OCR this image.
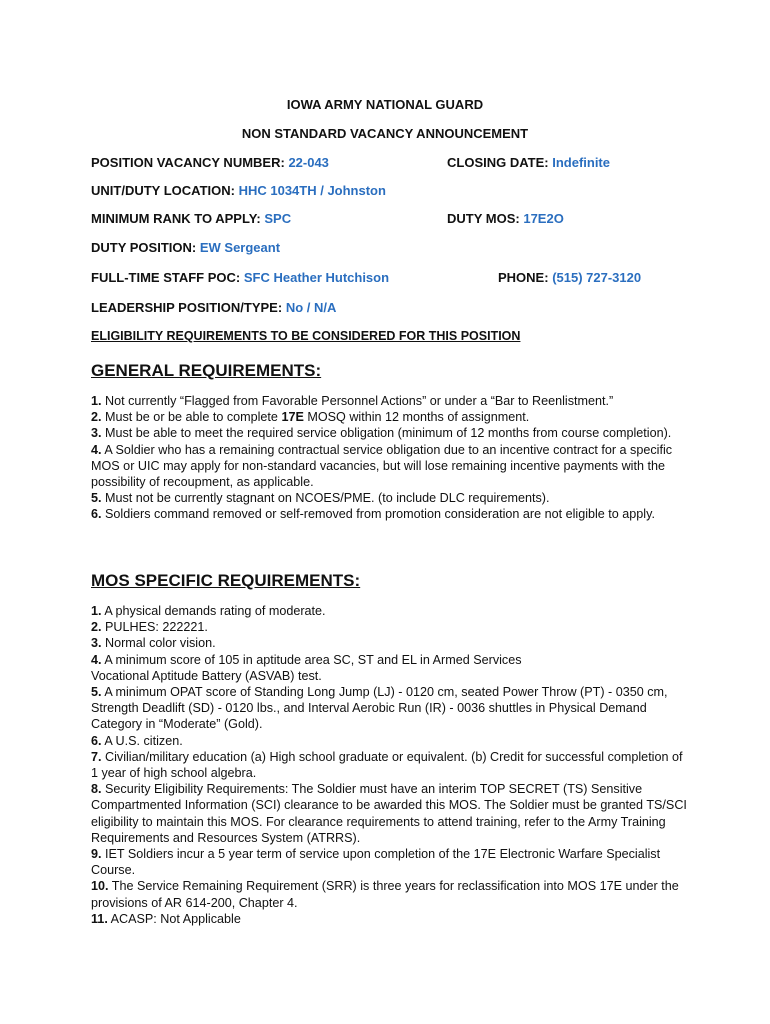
IOWA ARMY NATIONAL GUARD
NON STANDARD VACANCY ANNOUNCEMENT
POSITION VACANCY NUMBER: 22-043	CLOSING DATE: Indefinite
UNIT/DUTY LOCATION: HHC 1034TH / Johnston
MINIMUM RANK TO APPLY: SPC	DUTY MOS: 17E2O
DUTY POSITION: EW Sergeant
FULL-TIME STAFF POC: SFC Heather Hutchison	PHONE: (515) 727-3120
LEADERSHIP POSITION/TYPE: No / N/A
ELIGIBILITY REQUIREMENTS TO BE CONSIDERED FOR THIS POSITION
GENERAL REQUIREMENTS:

1. Not currently “Flagged from Favorable Personnel Actions” or under a “Bar to Reenlistment.”

2. Must be or be able to complete 17E MOSQ within 12 months of assignment.

3. Must be able to meet the required service obligation (minimum of 12 months from course completion).

4. A Soldier who has a remaining contractual service obligation due to an incentive contract for a specific MOS or UIC may apply for non-standard vacancies, but will lose remaining incentive payments with the possibility of recoupment, as applicable.

5. Must not be currently stagnant on NCOES/PME. (to include DLC requirements).

6. Soldiers command removed or self-removed from promotion consideration are not eligible to apply.

MOS SPECIFIC REQUIREMENTS:

1. A physical demands rating of moderate.

2. PULHES: 222221.

3. Normal color vision.

4. A minimum score of 105 in aptitude area SC, ST and EL in Armed Services Vocational Aptitude Battery (ASVAB) test.

5. A minimum OPAT score of Standing Long Jump (LJ) - 0120 cm, seated Power Throw (PT) - 0350 cm, Strength Deadlift (SD) - 0120 lbs., and Interval Aerobic Run (IR) - 0036 shuttles in Physical Demand Category in “Moderate” (Gold).

6. A U.S. citizen.

7. Civilian/military education (a) High school graduate or equivalent. (b) Credit for successful completion of 1 year of high school algebra.

8. Security Eligibility Requirements: The Soldier must have an interim TOP SECRET (TS) Sensitive Compartmented Information (SCI) clearance to be awarded this MOS. The Soldier must be granted TS/SCI eligibility to maintain this MOS. For clearance requirements to attend training, refer to the Army Training Requirements and Resources System (ATRRS).

9. IET Soldiers incur a 5 year term of service upon completion of the 17E Electronic Warfare Specialist Course.

10. The Service Remaining Requirement (SRR) is three years for reclassification into MOS 17E under the provisions of AR 614-200, Chapter 4.

11. ACASP: Not Applicable
